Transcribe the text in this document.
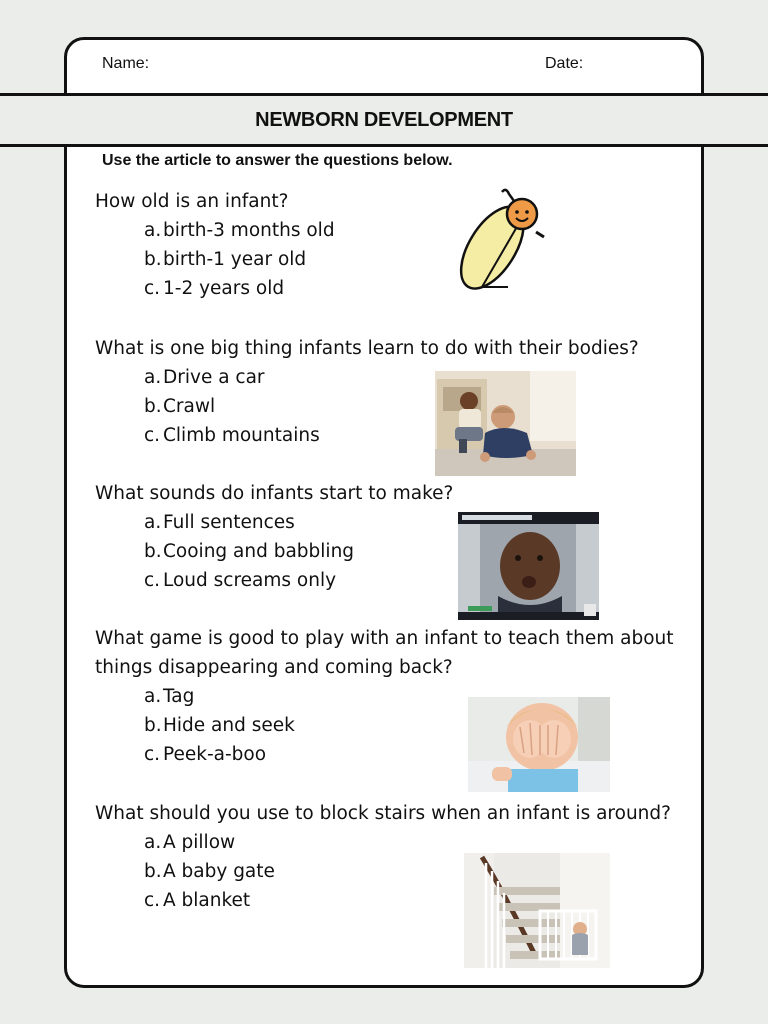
Name:	Date:
NEWBORN DEVELOPMENT
Use the article to answer the questions below.
How old is an infant?
a. birth-3 months old
b. birth-1 year old
c. 1-2 years old
What is one big thing infants learn to do with their bodies?
a. Drive a car
b. Crawl
c. Climb mountains
What sounds do infants start to make?
a. Full sentences
b. Cooing and babbling
c. Loud screams only
What game is good to play with an infant to teach them about
things disappearing and coming back?
a. Tag
b. Hide and seek
c. Peek-a-boo
What should you use to block stairs when an infant is around?
a. A pillow
b. A baby gate
c. A blanket
